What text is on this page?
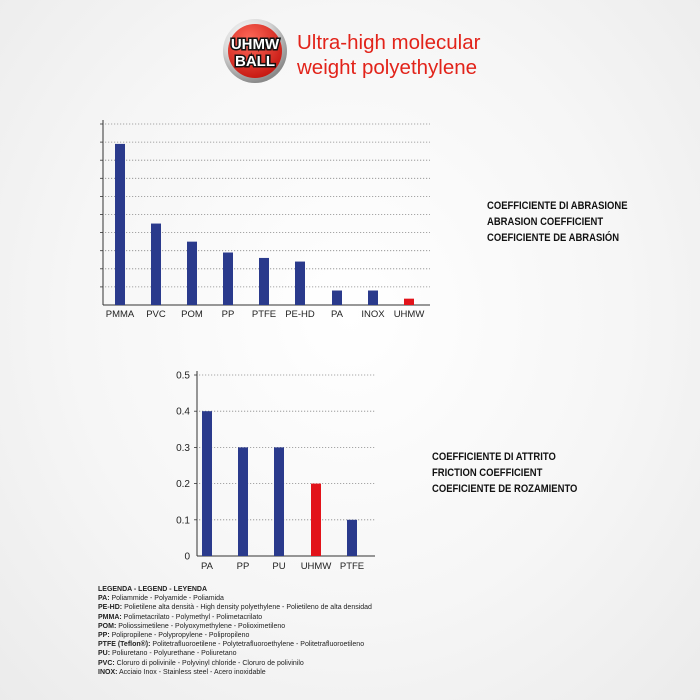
UHMW
BALL
Ultra-high molecular
weight polyethylene
PMMA PVC POM PP PTFE PE-HD PA INOX UHMW
0
0.1
0.2
0.3
0.4
0.5
PA PP PU UHMW PTFE
COEFFICIENTE DI ABRASIONE
ABRASION COEFFICIENT
COEFICIENTE DE ABRASIÓN
COEFFICIENTE DI ATTRITO
FRICTION COEFFICIENT
COEFICIENTE DE ROZAMIENTO
LEGENDA - LEGEND - LEYENDA
PA: Poliammide - Polyamide - Poliamida
PE-HD: Polietilene alta densità - High density polyethylene - Polietileno de alta densidad
PMMA: Polimetacrilato - Polymethyl - Polimetacrilato
POM: Poliossimetilene - Polyoxymethylene - Polioximetileno
PP: Polipropilene - Polypropylene - Polipropileno
PTFE (Teflon®): Politetrafluoroetilene - Polytetrafluoroethylene - Politetrafluoroetileno
PU: Poliuretano - Polyurethane - Poliuretano
PVC: Cloruro di polivinile - Polyvinyl chloride - Cloruro de polivinilo
INOX: Acciaio Inox - Stainless steel - Acero inoxidable
